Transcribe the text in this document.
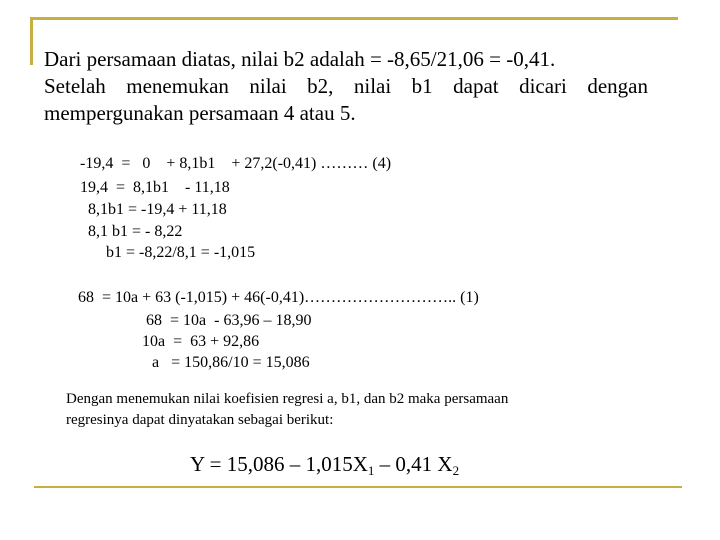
Dari persamaan diatas, nilai b2 adalah = -8,65/21,06 = -0,41.
Setelah menemukan nilai b2, nilai b1 dapat dicari dengan
mempergunakan persamaan 4 atau 5.
-19,4  =   0    + 8,1b1    + 27,2(-0,41) ……… (4)
19,4  =  8,1b1    - 11,18
8,1b1 = -19,4 + 11,18
8,1 b1 = - 8,22
b1 = -8,22/8,1 = -1,015
68  = 10a + 63 (-1,015) + 46(-0,41)……………………….. (1)
68  = 10a  - 63,96 – 18,90
10a  =  63 + 92,86
a   = 150,86/10 = 15,086
Dengan menemukan nilai koefisien regresi a, b1, dan b2 maka persamaan
regresinya dapat dinyatakan sebagai berikut:
$Y = 15,086 - 1,015X_1 - 0,41$ $X_2$
